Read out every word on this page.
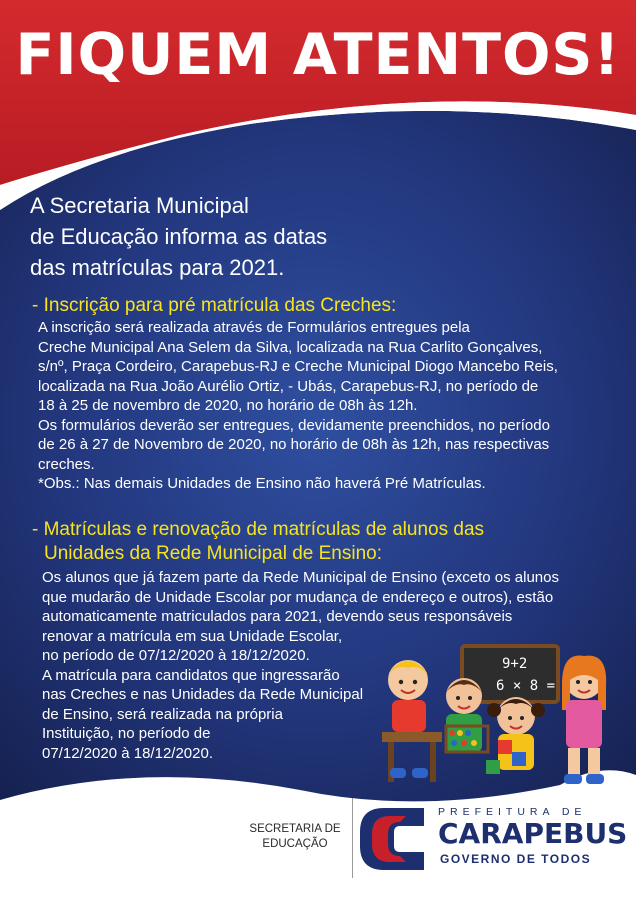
FIQUEM ATENTOS!
A Secretaria Municipal
de Educação informa as datas
das matrículas para 2021.
- Inscrição para pré matrícula das Creches:
A inscrição será realizada através de Formulários entregues pela
Creche Municipal Ana Selem da Silva, localizada na Rua Carlito Gonçalves,
s/nº, Praça Cordeiro, Carapebus-RJ e Creche Municipal Diogo Mancebo Reis,
localizada na Rua João Aurélio Ortiz, - Ubás, Carapebus-RJ, no período de
18 à 25 de novembro de 2020, no horário de 08h às 12h.
Os formulários deverão ser entregues, devidamente preenchidos, no período
de 26 à 27 de Novembro de 2020, no horário de 08h às 12h, nas respectivas
creches.
*Obs.: Nas demais Unidades de Ensino não haverá Pré Matrículas.
- Matrículas e renovação de matrículas de alunos das
Unidades da Rede Municipal de Ensino:
Os alunos que já fazem parte da Rede Municipal de Ensino (exceto os alunos
que mudarão de Unidade Escolar por mudança de endereço e outros), estão
automaticamente matriculados para 2021, devendo seus responsáveis
renovar a matrícula em sua Unidade Escolar,
no período de 07/12/2020 à 18/12/2020.
A matrícula para candidatos que ingressarão
nas Creches e nas Unidades da Rede Municipal
de Ensino, será realizada na própria
Instituição, no período de
07/12/2020 à 18/12/2020.
9+2
6 × 8 =
SECRETARIA DE
EDUCAÇÃO
PREFEITURA DE
CARAPEBUS
GOVERNO DE TODOS
